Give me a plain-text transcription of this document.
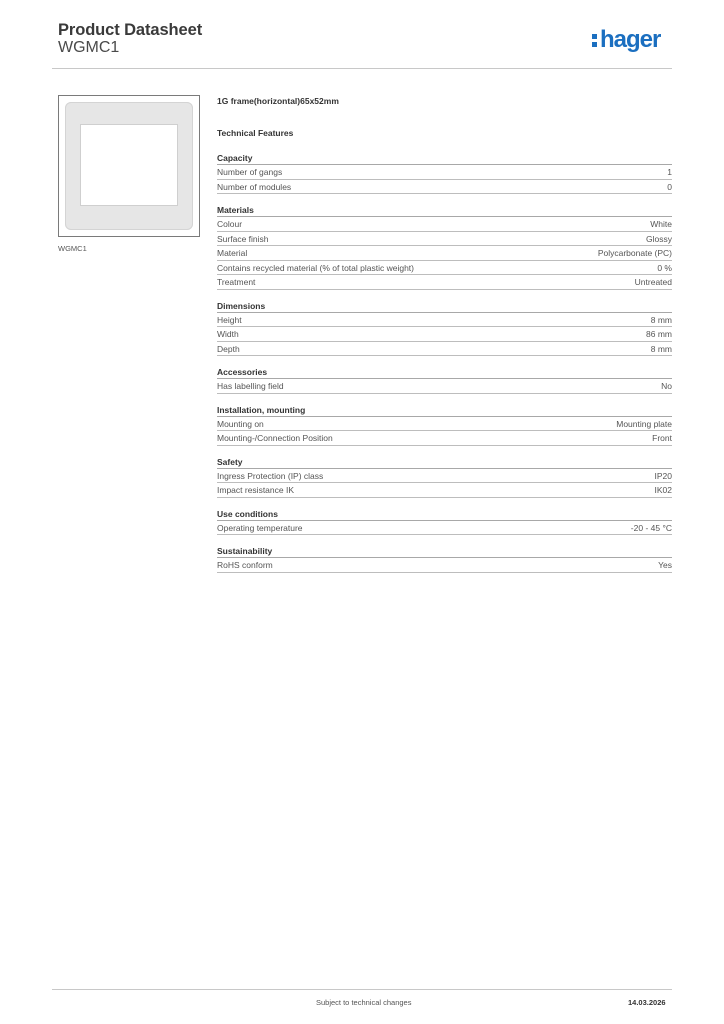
Product Datasheet
WGMC1	hager
WGMC1
1G frame(horizontal)65x52mm
Technical Features
Capacity
Number of gangs	1
Number of modules	0
Materials
Colour	White
Surface finish	Glossy
Material	Polycarbonate (PC)
Contains recycled material (% of total plastic weight)	0 %
Treatment	Untreated
Dimensions
Height	8 mm
Width	86 mm
Depth	8 mm
Accessories
Has labelling field	No
Installation, mounting
Mounting on	Mounting plate
Mounting-/Connection Position	Front
Safety
Ingress Protection (IP) class	IP20
Impact resistance IK	IK02
Use conditions
Operating temperature	-20 - 45 °C
Sustainability
RoHS conform	Yes
Subject to technical changes	14.03.2026
